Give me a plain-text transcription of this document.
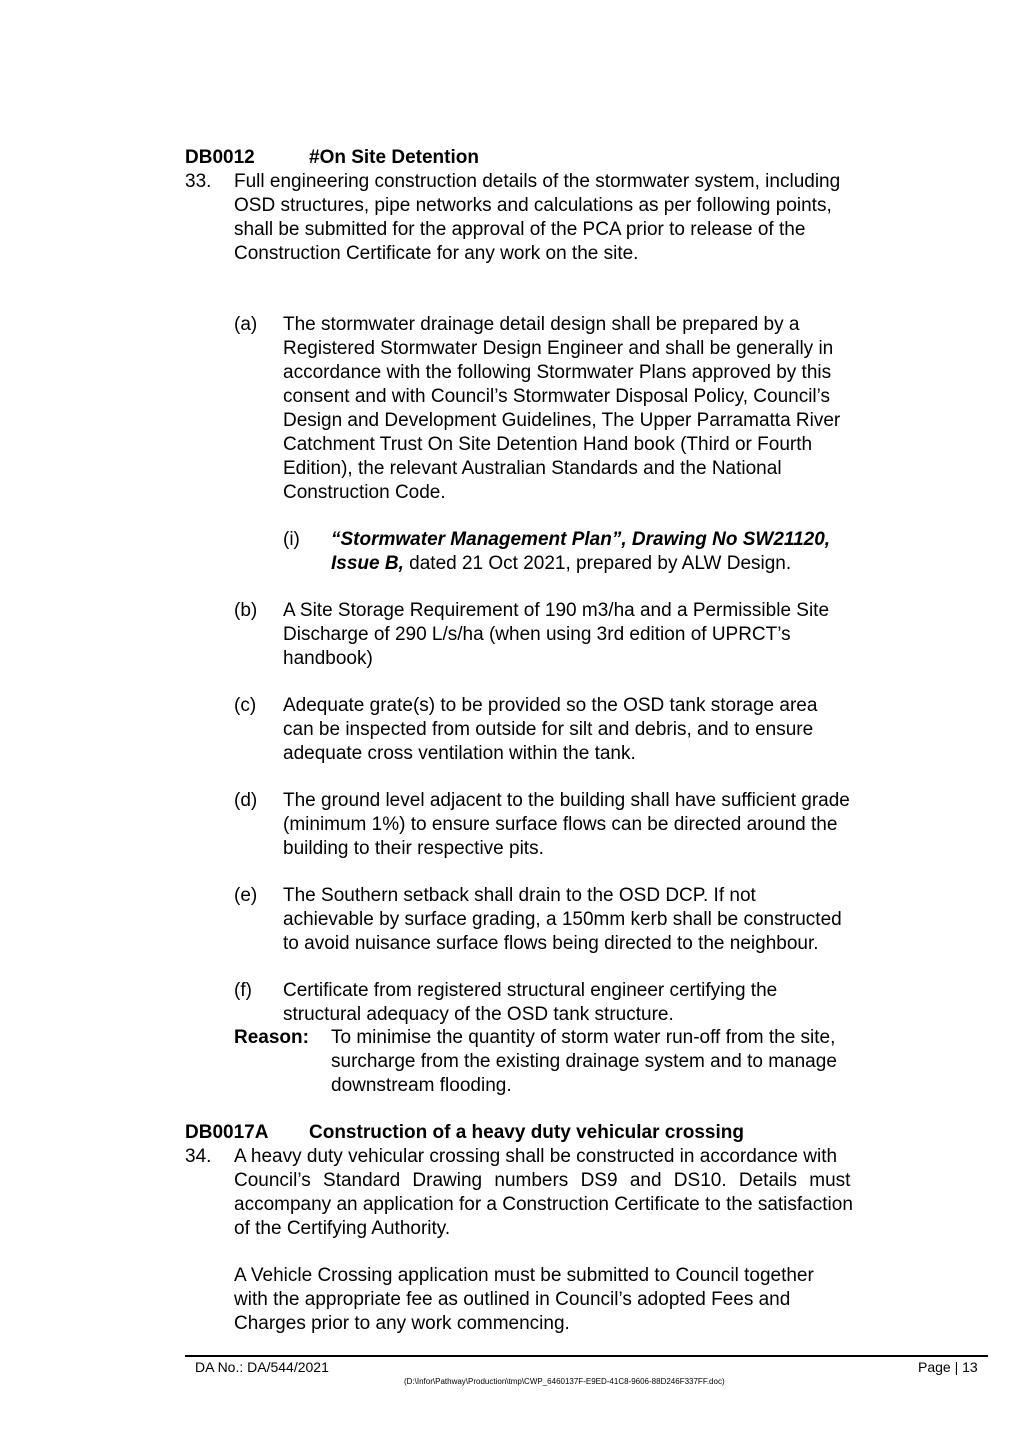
DB0012	#On Site Detention
33. Full engineering construction details of the stormwater system, including
OSD structures, pipe networks and calculations as per following points,
shall be submitted for the approval of the PCA prior to release of the
Construction Certificate for any work on the site.
(a) The stormwater drainage detail design shall be prepared by a
Registered Stormwater Design Engineer and shall be generally in
accordance with the following Stormwater Plans approved by this
consent and with Council’s Stormwater Disposal Policy, Council’s
Design and Development Guidelines, The Upper Parramatta River
Catchment Trust On Site Detention Hand book (Third or Fourth
Edition), the relevant Australian Standards and the National
Construction Code.
(i) “Stormwater Management Plan”, Drawing No SW21120,
Issue B, dated 21 Oct 2021, prepared by ALW Design.
(b) A Site Storage Requirement of 190 m3/ha and a Permissible Site
Discharge of 290 L/s/ha (when using 3rd edition of UPRCT’s
handbook)
(c) Adequate grate(s) to be provided so the OSD tank storage area
can be inspected from outside for silt and debris, and to ensure
adequate cross ventilation within the tank.
(d) The ground level adjacent to the building shall have sufficient grade
(minimum 1%) to ensure surface flows can be directed around the
building to their respective pits.
(e) The Southern setback shall drain to the OSD DCP. If not
achievable by surface grading, a 150mm kerb shall be constructed
to avoid nuisance surface flows being directed to the neighbour.
(f) Certificate from registered structural engineer certifying the
structural adequacy of the OSD tank structure.
Reason: To minimise the quantity of storm water run-off from the site,
surcharge from the existing drainage system and to manage
downstream flooding.
DB0017A Construction of a heavy duty vehicular crossing
34. A heavy duty vehicular crossing shall be constructed in accordance with
Council’s Standard Drawing numbers DS9 and DS10. Details must
accompany an application for a Construction Certificate to the satisfaction
of the Certifying Authority.
A Vehicle Crossing application must be submitted to Council together
with the appropriate fee as outlined in Council’s adopted Fees and
Charges prior to any work commencing.
DA No.: DA/544/2021	Page | 13
(D:\Infor\Pathway\Production\tmp\CWP_6460137F-E9ED-41C8-9606-88D246F337FF.doc)
